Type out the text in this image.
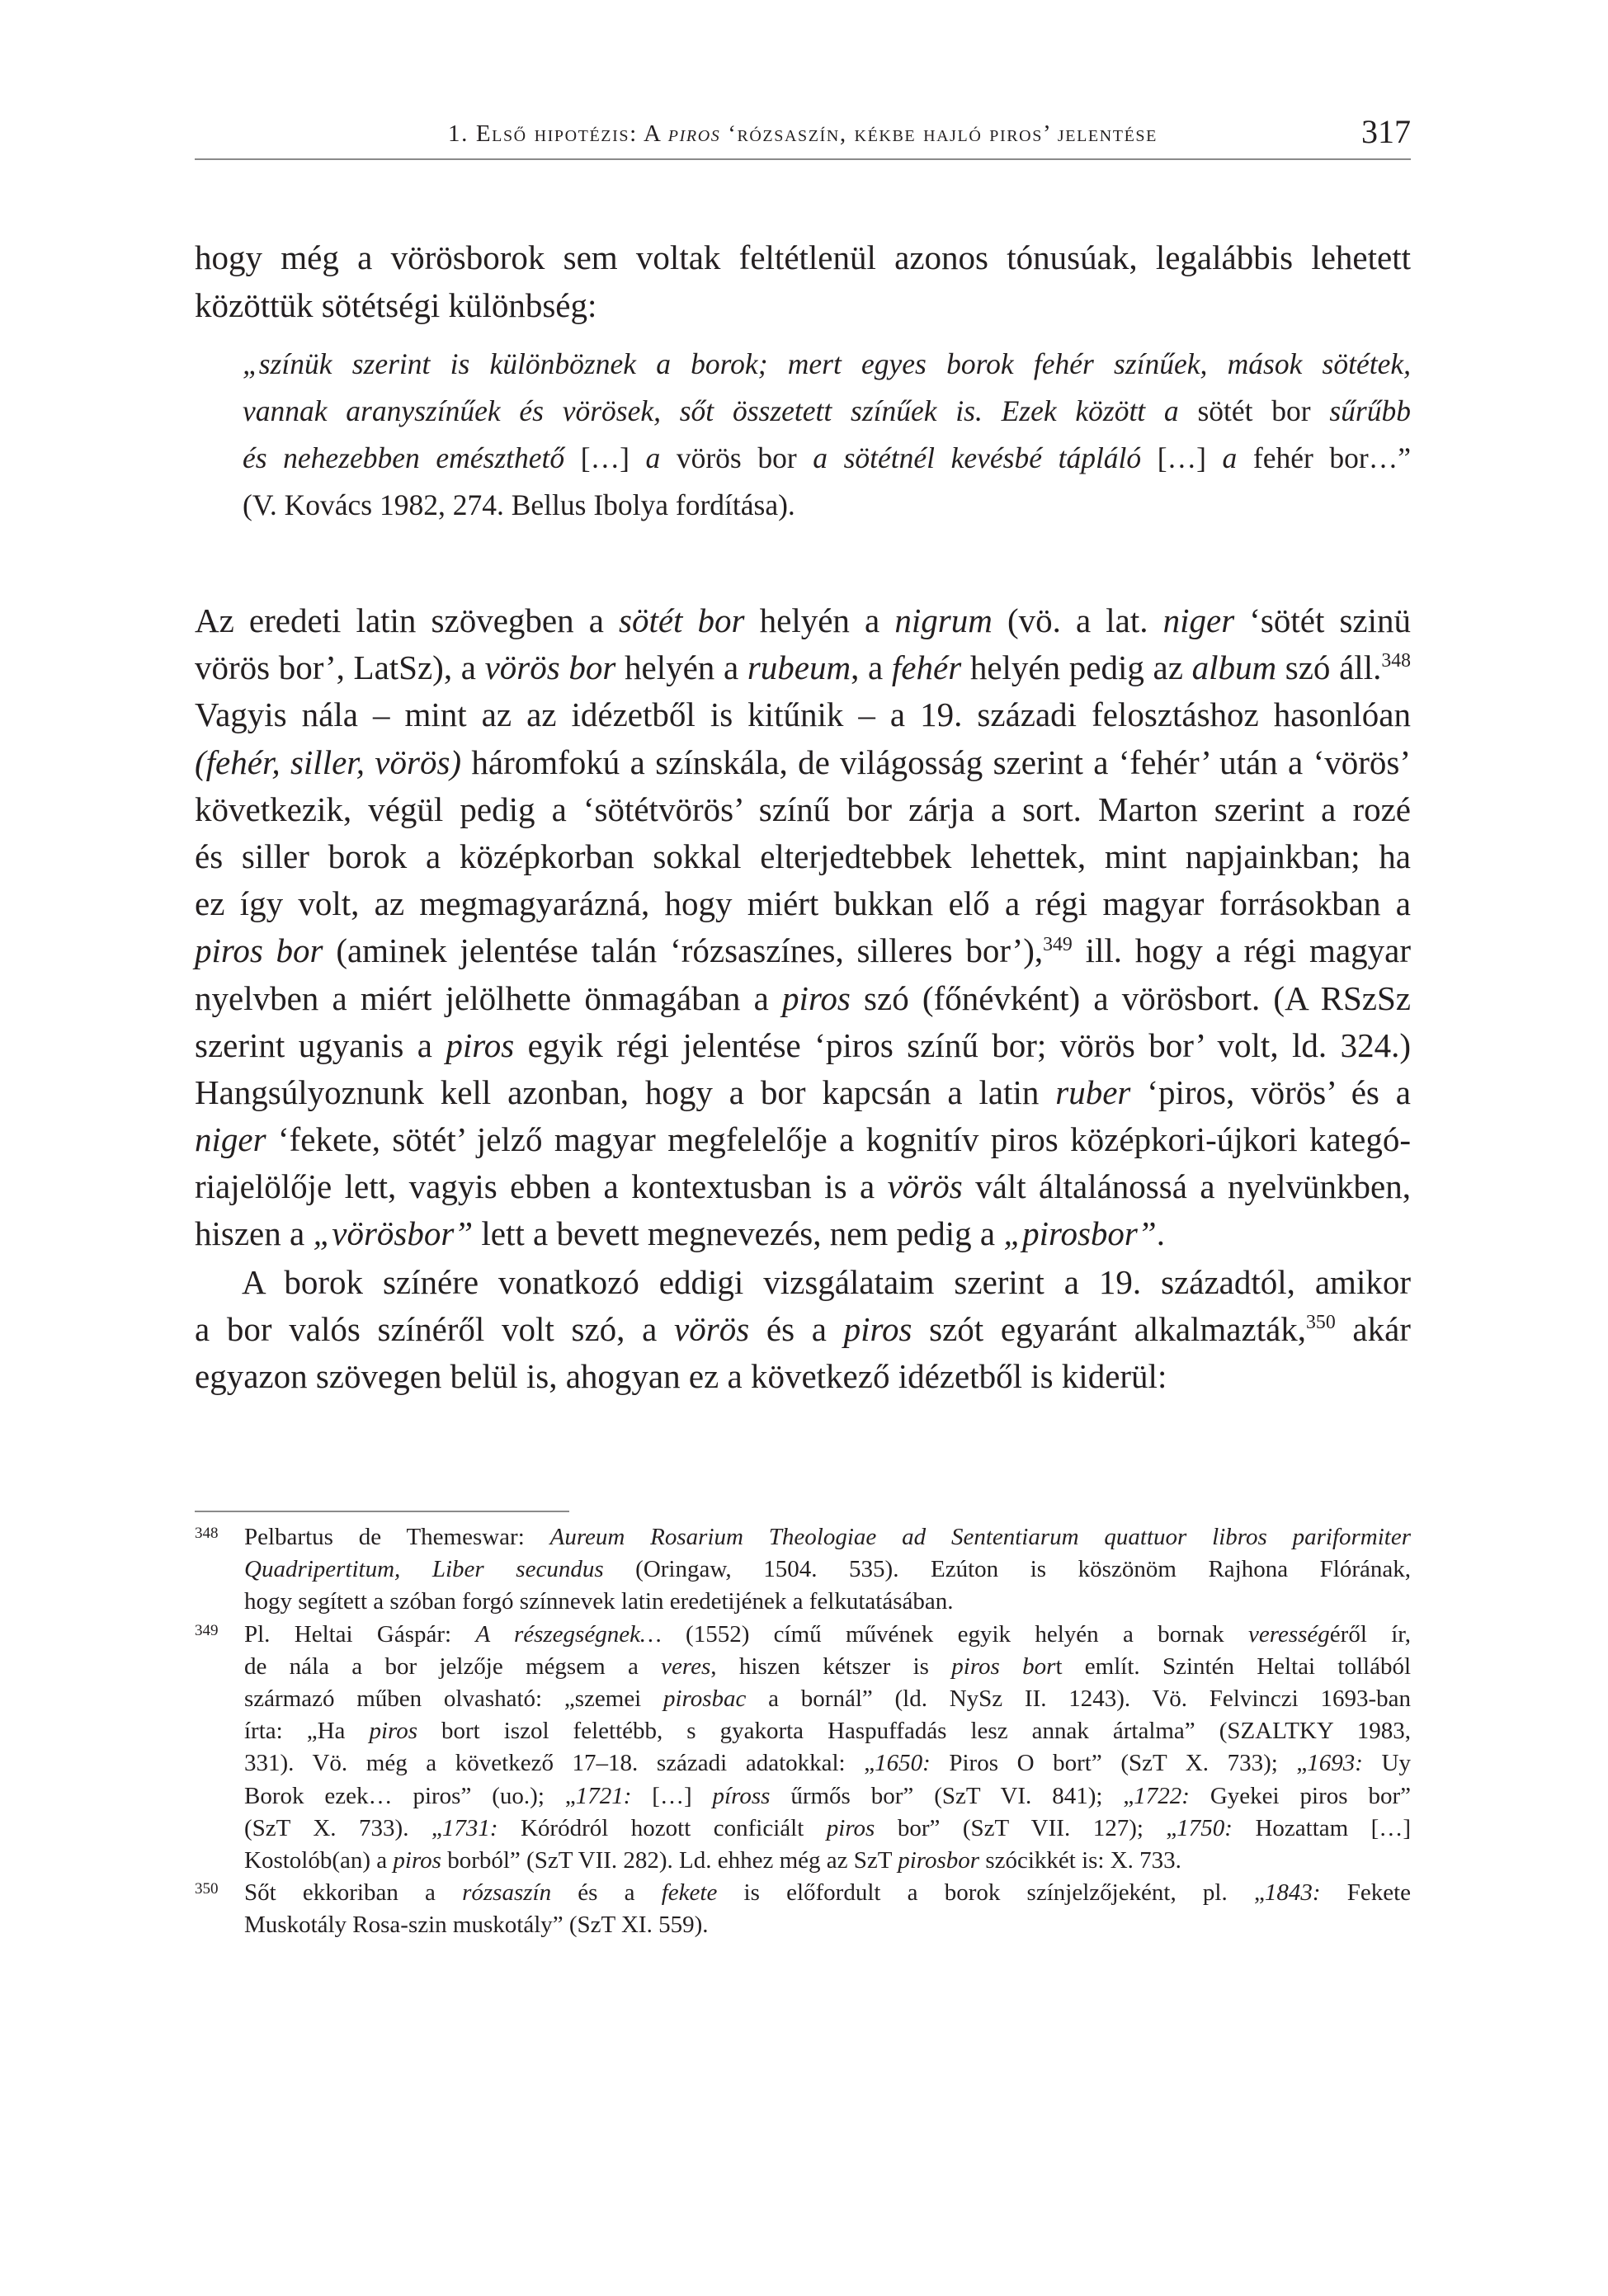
1. Első hipotézis: A piros ‘rózsaszín, kékbe hajló piros’ jelentése	317
hogy még a vörösborok sem voltak feltétlenül azonos tónusúak, legalábbis lehetett
közöttük sötétségi különbség:
„színük szerint is különböznek a borok; mert egyes borok fehér színűek, mások sötétek,
vannak aranyszínűek és vörösek, sőt összetett színűek is. Ezek között a sötét bor sűrűbb
és nehezebben emészthető […] a vörös bor a sötétnél kevésbé tápláló […] a fehér bor…”
(V. Kovács 1982, 274. Bellus Ibolya fordítása).
Az eredeti latin szövegben a sötét bor helyén a nigrum (vö. a lat. niger ‘sötét szinü
vörös bor’, LatSz), a vörös bor helyén a rubeum, a fehér helyén pedig az album szó áll.$^{348}$
Vagyis nála – mint az az idézetből is kitűnik – a 19. századi felosztáshoz hasonlóan
(fehér, siller, vörös) háromfokú a színskála, de világosság szerint a ‘fehér’ után a ‘vörös’
következik, végül pedig a ‘sötétvörös’ színű bor zárja a sort. Marton szerint a rozé
és siller borok a középkorban sokkal elterjedtebbek lehettek, mint napjainkban; ha
ez így volt, az megmagyarázná, hogy miért bukkan elő a régi magyar forrásokban a
piros bor (aminek jelentése talán ‘rózsaszínes, silleres bor’),$^{349}$ ill. hogy a régi magyar
nyelvben a miért jelölhette önmagában a piros szó (főnévként) a vörösbort. (A RSzSz
szerint ugyanis a piros egyik régi jelentése ‘piros színű bor; vörös bor’ volt, ld. 324.)
Hangsúlyoznunk kell azonban, hogy a bor kapcsán a latin ruber ‘piros, vörös’ és a
niger ‘fekete, sötét’ jelző magyar megfelelője a kognitív piros középkori-újkori kategó-
riajelölője lett, vagyis ebben a kontextusban is a vörös vált általánossá a nyelvünkben,
hiszen a „vörösbor” lett a bevett megnevezés, nem pedig a „pirosbor”.
A borok színére vonatkozó eddigi vizsgálataim szerint a 19. századtól, amikor
a bor valós színéről volt szó, a vörös és a piros szót egyaránt alkalmazták,$^{350}$ akár
egyazon szövegen belül is, ahogyan ez a következő idézetből is kiderül:
348 Pelbartus de Themeswar: Aureum Rosarium Theologiae ad Sententiarum quattuor libros pariformiter
Quadripertitum, Liber secundus (Oringaw, 1504. 535). Ezúton is köszönöm Rajhona Flórának,
hogy segített a szóban forgó színnevek latin eredetijének a felkutatásában.
349 Pl. Heltai Gáspár: A részegségnek… (1552) című művének egyik helyén a bornak verességéről ír,
de nála a bor jelzője mégsem a veres, hiszen kétszer is piros bort említ. Szintén Heltai tollából
származó műben olvasható: „szemei pirosbac a bornál” (ld. NySz II. 1243). Vö. Felvinczi 1693-ban
írta: „Ha piros bort iszol felettébb, s gyakorta Haspuffadás lesz annak ártalma” (SZALTKY 1983,
331). Vö. még a következő 17–18. századi adatokkal: „1650: Piros O bort” (SzT X. 733); „1693: Uy
Borok ezek… piros” (uo.); „1721: […] píross űrmős bor” (SzT VI. 841); „1722: Gyekei piros bor”
(SzT X. 733). „1731: Kóródról hozott conficiált piros bor” (SzT VII. 127); „1750: Hozattam […]
Kostolób(an) a piros borból” (SzT VII. 282). Ld. ehhez még az SzT pirosbor szócikkét is: X. 733.
350 Sőt ekkoriban a rózsaszín és a fekete is előfordult a borok színjelzőjeként, pl. „1843: Fekete
Muskotály Rosa-szin muskotály” (SzT XI. 559).
